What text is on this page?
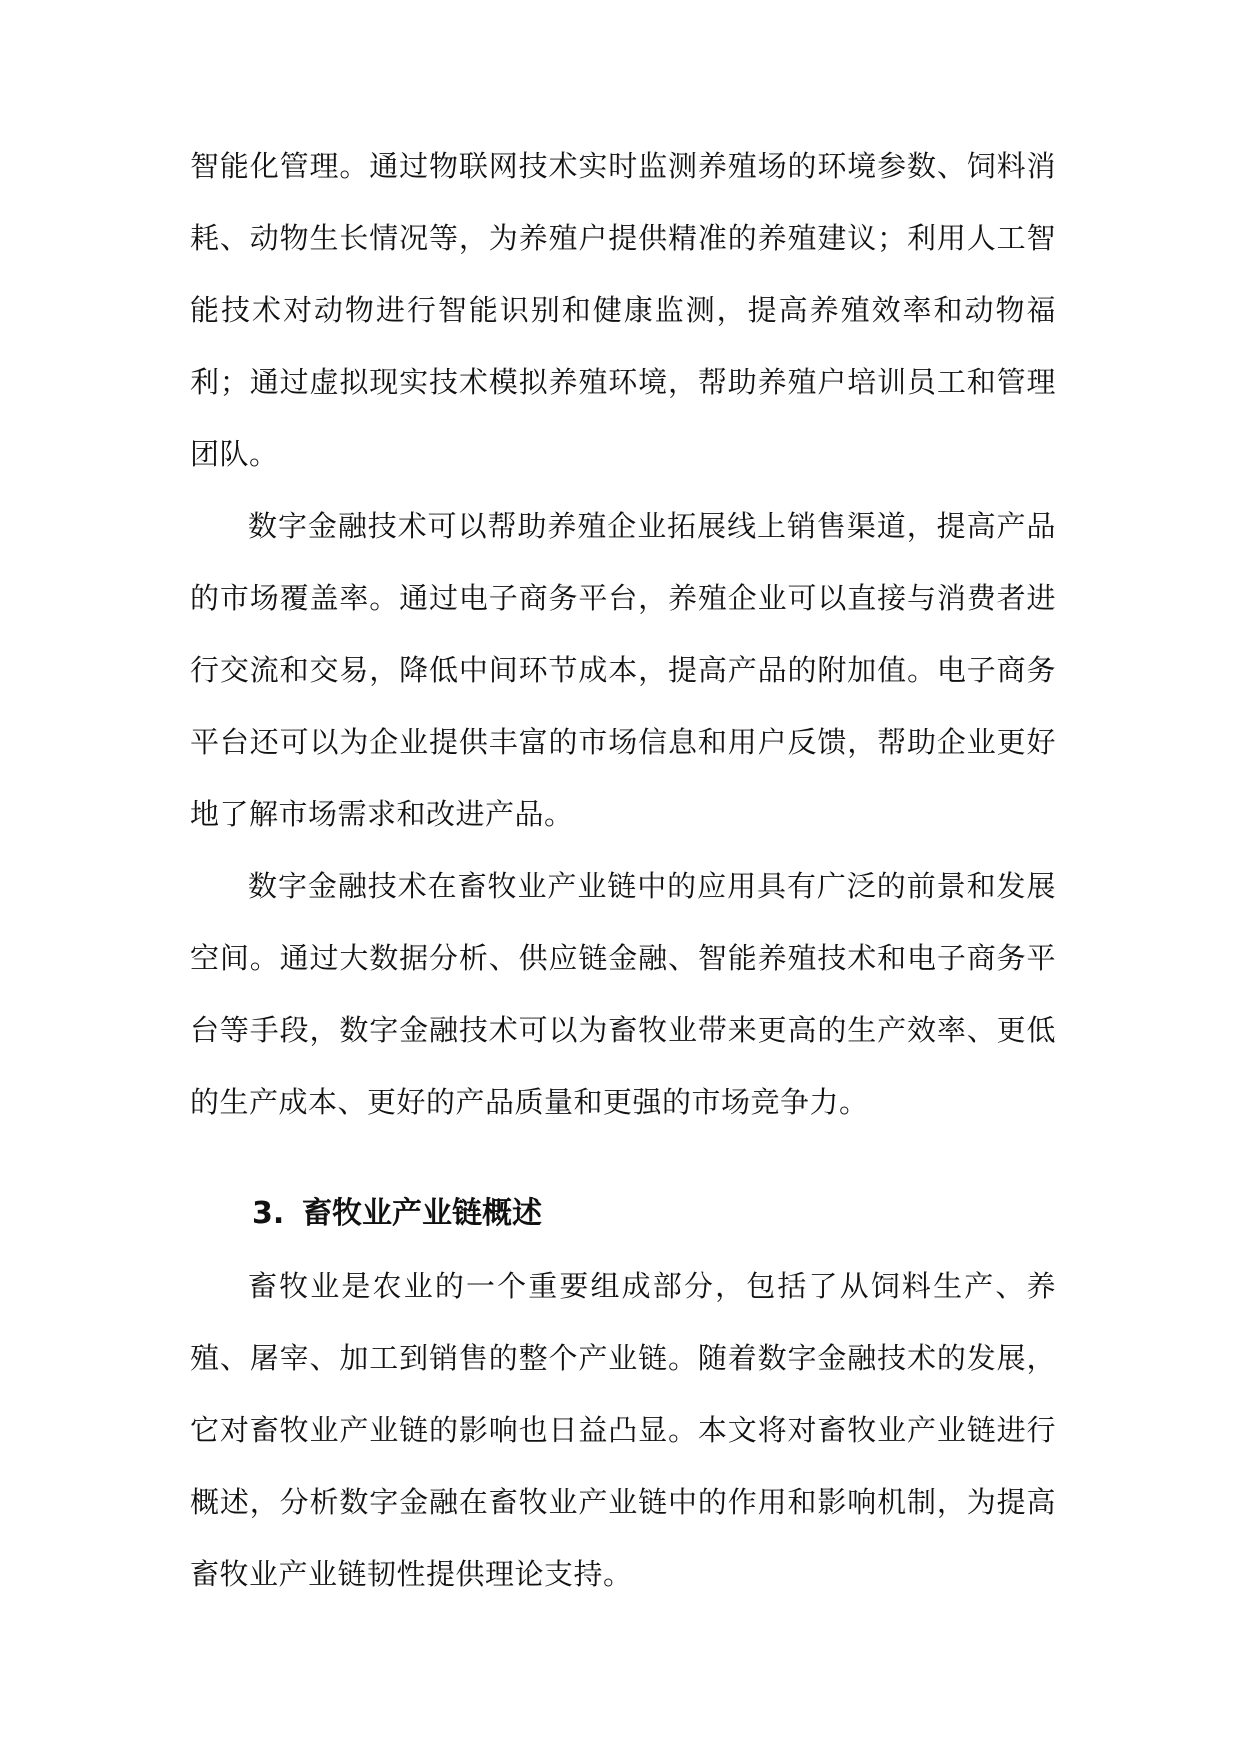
智能化管理。通过物联网技术实时监测养殖场的环境参数、饲料消耗、动物生长情况等，为养殖户提供精准的养殖建议；利用人工智能技术对动物进行智能识别和健康监测，提高养殖效率和动物福利；通过虚拟现实技术模拟养殖环境，帮助养殖户培训员工和管理团队。

数字金融技术可以帮助养殖企业拓展线上销售渠道，提高产品的市场覆盖率。通过电子商务平台，养殖企业可以直接与消费者进行交流和交易，降低中间环节成本，提高产品的附加值。电子商务平台还可以为企业提供丰富的市场信息和用户反馈，帮助企业更好地了解市场需求和改进产品。

数字金融技术在畜牧业产业链中的应用具有广泛的前景和发展空间。通过大数据分析、供应链金融、智能养殖技术和电子商务平台等手段，数字金融技术可以为畜牧业带来更高的生产效率、更低的生产成本、更好的产品质量和更强的市场竞争力。

3. 畜牧业产业链概述

畜牧业是农业的一个重要组成部分，包括了从饲料生产、养殖、屠宰、加工到销售的整个产业链。随着数字金融技术的发展，它对畜牧业产业链的影响也日益凸显。本文将对畜牧业产业链进行概述，分析数字金融在畜牧业产业链中的作用和影响机制，为提高畜牧业产业链韧性提供理论支持。
